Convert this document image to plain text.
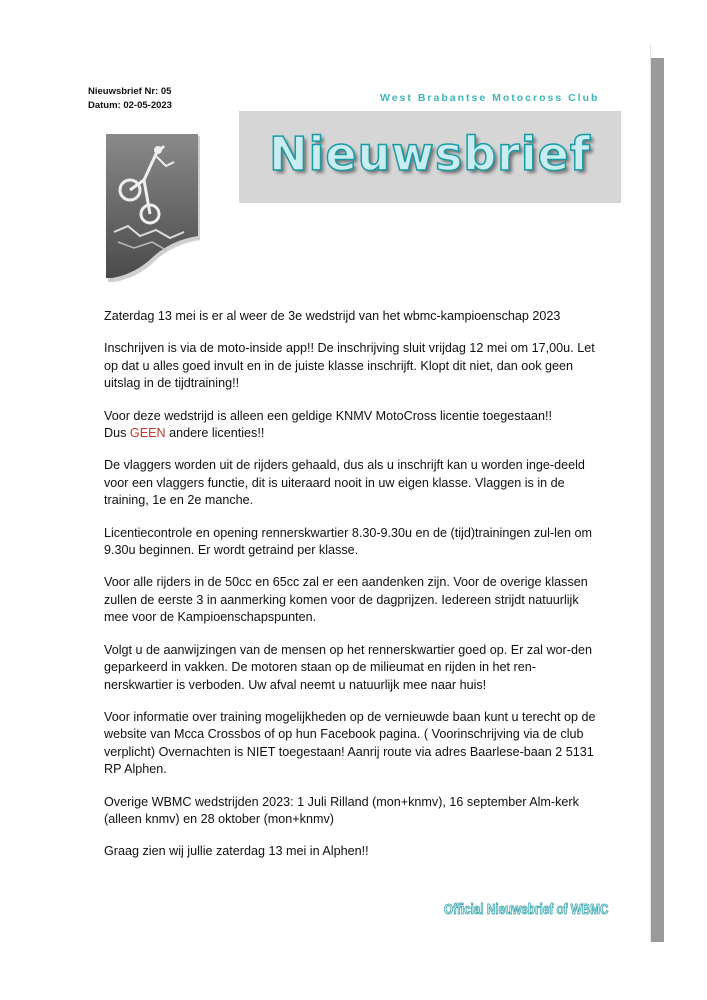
Nieuwsbrief Nr: 05
Datum: 02-05-2023
West Brabantse Motocross Club
Nieuwsbrief

Zaterdag 13 mei is er al weer de 3e wedstrijd van het wbmc-kampioenschap 2023

Inschrijven is via de moto-inside app!! De inschrijving sluit vrijdag 12 mei om 17,00u. Let op dat u alles goed invult en in de juiste klasse inschrijft. Klopt dit niet, dan ook geen uitslag in de tijdtraining!!

Voor deze wedstrijd is alleen een geldige KNMV MotoCross licentie toegestaan!!
Dus GEEN andere licenties!!

De vlaggers worden uit de rijders gehaald, dus als u inschrijft kan u worden inge-deeld voor een vlaggers functie, dit is uiteraard nooit in uw eigen klasse. Vlaggen is in de training, 1e en 2e manche.

Licentiecontrole en opening rennerskwartier 8.30-9.30u en de (tijd)trainingen zul-len om 9.30u beginnen. Er wordt getraind per klasse.

Voor alle rijders in de 50cc en 65cc zal er een aandenken zijn. Voor de overige klassen zullen de eerste 3 in aanmerking komen voor de dagprijzen. Iedereen strijdt natuurlijk mee voor de Kampioenschapspunten.

Volgt u de aanwijzingen van de mensen op het rennerskwartier goed op. Er zal wor-den geparkeerd in vakken. De motoren staan op de milieumat en rijden in het ren-nerskwartier is verboden. Uw afval neemt u natuurlijk mee naar huis!

Voor informatie over training mogelijkheden op de vernieuwde baan kunt u terecht op de website van Mcca Crossbos of op hun Facebook pagina. ( Voorinschrijving via de club verplicht) Overnachten is NIET toegestaan! Aanrij route via adres Baarlese-baan 2 5131 RP Alphen.

Overige WBMC wedstrijden 2023: 1 Juli Rilland (mon+knmv), 16 september Alm-kerk (alleen knmv) en 28 oktober (mon+knmv)

Graag zien wij jullie zaterdag 13 mei in Alphen!!

Official Nieuwsbrief of WBMC
